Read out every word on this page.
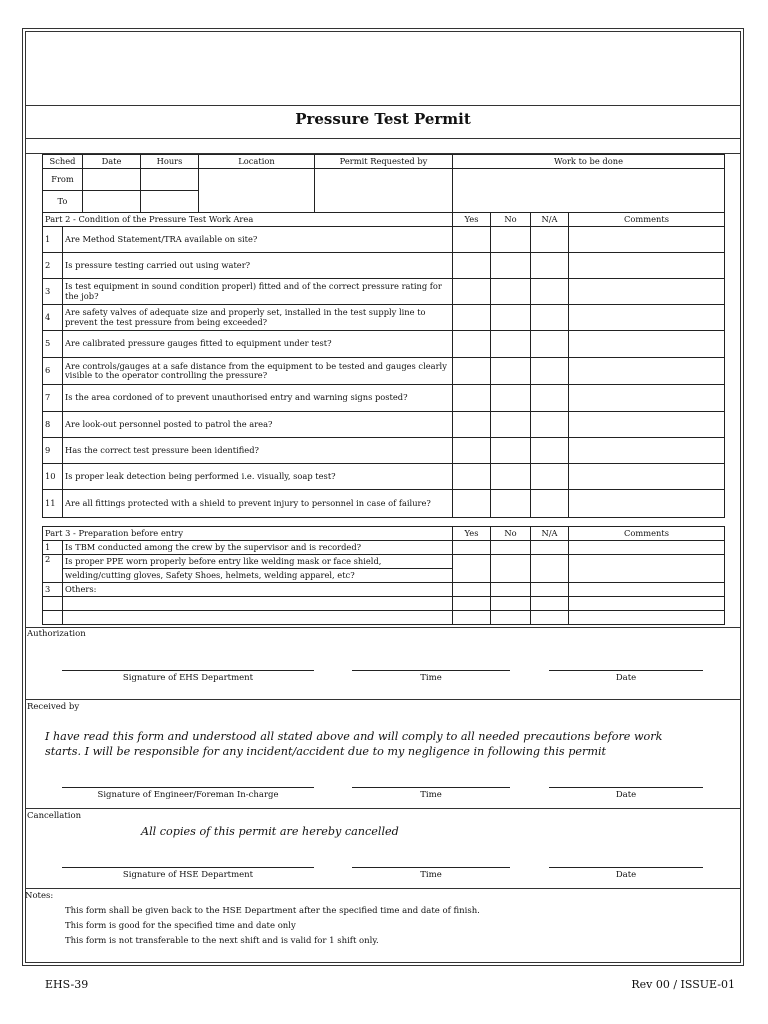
Pressure Test Permit
Sched	Date	Hours	Location	Permit Requested by	Work to be done
From					
To					
Part 2 - Condition of the Pressure Test Work Area		Yes	No	N/A	Comments
1	Are Method Statement/TRA available on site?				
2	Is pressure testing carried out using water?				
3	Is test equipment in sound condition properl) fitted and of the correct pressure rating for the job?				
4	Are safety valves of adequate size and properly set, installed in the test supply line to prevent the test pressure from being exceeded?				
5	Are calibrated pressure gauges fitted to equipment under test?				
6	Are controls/gauges at a safe distance from the equipment to be tested and gauges clearly visible to the operator controlling the pressure?				
7	Is the area cordoned of to prevent unauthorised entry and warning signs posted?				
8	Are look-out personnel posted to patrol the area?				
9	Has the correct test pressure been identified?				
10	Is proper leak detection being performed i.e. visually, soap test?				
11	Are all fittings protected with a shield to prevent injury to personnel in case of failure?				
Part 3 - Preparation before entry		Yes	No	N/A	Comments
1	Is TBM conducted among the crew by the supervisor and is recorded?				
2	Is proper PPE worn properly before entry like welding mask or face shield,				
	welding/cutting gloves, Safety Shoes, helmets, welding apparel, etc?				
3	Others:				

Authorization
Signature of EHS Department	Time	Date
Received by
I have read this form and understood all stated above and will comply to all needed precautions before work starts. I will be responsible for any incident/accident due to my negligence in following this permit
Signature of Engineer/Foreman In-charge	Time	Date
Cancellation
All copies of this permit are hereby cancelled
Signature of HSE Department	Time	Date
Notes:
This form shall be given back to the HSE Department after the specified time and date of finish.
This form is good for the specified time and date only
This form is not transferable to the next shift and is valid for 1 shift only.
EHS-39	Rev 00 / ISSUE-01
